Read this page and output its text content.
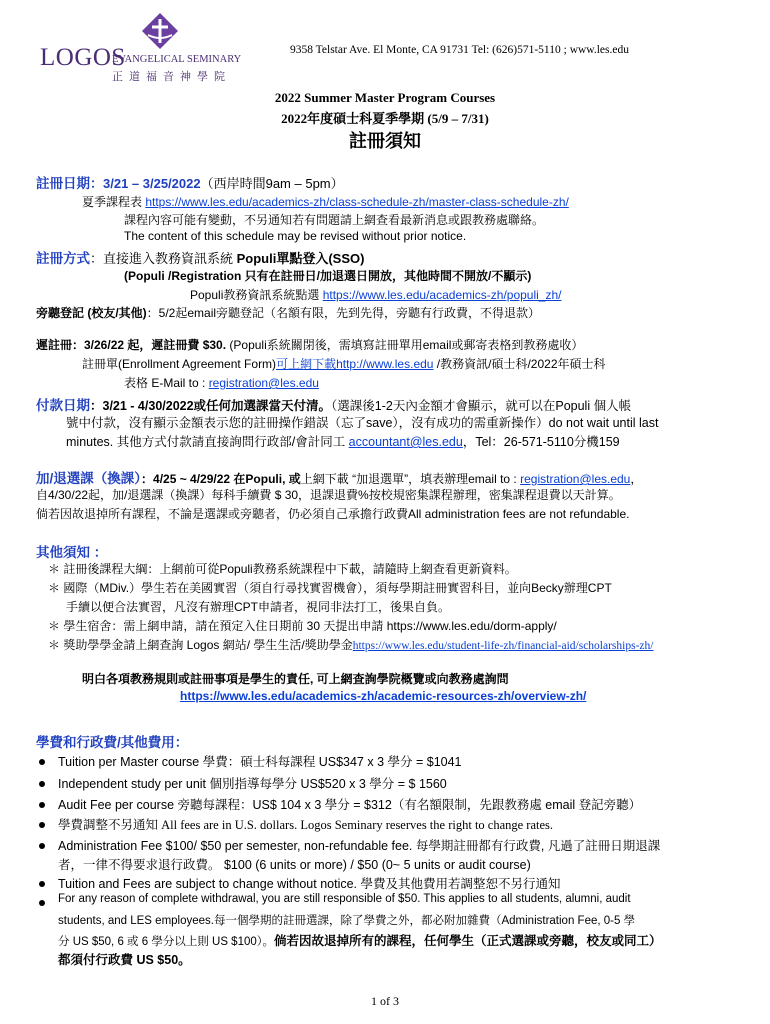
LOGOS
EVANGELICAL SEMINARY
正道福音神學院
9358 Telstar Ave. El Monte, CA 91731 Tel: (626)571-5110 ; www.les.edu
2022 Summer Master Program Courses
2022年度碩士科夏季學期 (5/9 – 7/31)
註冊須知
註冊日期：3/21 – 3/25/2022（西岸時間9am – 5pm）
夏季課程表 https://www.les.edu/academics-zh/class-schedule-zh/master-class-schedule-zh/
課程內容可能有變動，不另通知若有問題請上網查看最新消息或跟教務處聯絡。
The content of this schedule may be revised without prior notice.
註冊方式：直接進入教務資訊系統 Populi單點登入(SSO)
(Populi /Registration 只有在註冊日/加退選日開放，其他時間不開放/不顯示)
Populi教務資訊系統點選 https://www.les.edu/academics-zh/populi_zh/
旁聽登記 (校友/其他)：5/2起email旁聽登記（名額有限，先到先得，旁聽有行政費，不得退款）
遲註冊：3/26/22 起，遲註冊費 $30. (Populi系統關閉後，需填寫註冊單用email或郵寄表格到教務處收）
註冊單(Enrollment Agreement Form)可上網下載http://www.les.edu /教務資訊/碩士科/2022年碩士科
表格 E-Mail to : registration@les.edu
付款日期：3/21 - 4/30/2022或任何加選課當天付清。（選課後1-2天內金額才會顯示，就可以在Populi 個人帳
號中付款，沒有顯示金額表示您的註冊操作錯誤（忘了save），沒有成功的需重新操作）do not wait until last
minutes. 其他方式付款請直接詢問行政部/會計同工 accountant@les.edu，Tel：26-571-5110分機159
加/退選課（換課）：4/25 ~ 4/29/22 在Populi, 或上網下載 “加退選單”，填表辦理email to : registration@les.edu，
自4/30/22起，加/退選課（換課）每科手續費 $ 30，退課退費%按校規密集課程辦理，密集課程退費以天計算。
倘若因故退掉所有課程，不論是選課或旁聽者，仍必須自己承擔行政費All administration fees are not refundable.
其他須知 ：
＊ 註冊後課程大綱：上網前可從Populi教務系統課程中下載，請隨時上網查看更新資料。
＊ 國際（MDiv.）學生若在美國實習（須自行尋找實習機會），須每學期註冊實習科目，並向Becky辦理CPT
手續以便合法實習，凡沒有辦理CPT申請者，視同非法打工，後果自負。
＊ 學生宿舍：需上網申請，請在預定入住日期前 30 天提出申請 https://www.les.edu/dorm-apply/
＊ 獎助學學金請上網查詢 Logos 網站/ 學生生活/獎助學金https://www.les.edu/student-life-zh/financial-aid/scholarships-zh/
明白各項教務規則或註冊事項是學生的責任, 可上網查詢學院概覽或向教務處詢問
https://www.les.edu/academics-zh/academic-resources-zh/overview-zh/
學費和行政費/其他費用：
Tuition per Master course 學費：碩士科每課程 US$347 x 3 學分 = $1041
Independent study per unit 個別指導每學分 US$520 x 3 學分 = $ 1560
Audit Fee per course 旁聽每課程：US$ 104 x 3 學分 = $312（有名額限制，先跟教務處 email 登記旁聽）
學費調整不另通知 All fees are in U.S. dollars. Logos Seminary reserves the right to change rates.
Administration Fee $100/ $50 per semester, non-refundable fee. 每學期註冊都有行政費, 凡過了註冊日期退課
者，一律不得要求退行政費。 $100 (6 units or more) / $50 (0~ 5 units or audit course)
Tuition and Fees are subject to change without notice. 學費及其他費用若調整恕不另行通知
For any reason of complete withdrawal, you are still responsible of $50. This applies to all students, alumni, audit
students, and LES employees.每一個學期的註冊選課，除了學費之外，都必附加雜費（Administration Fee, 0-5 學
分 US $50, 6 或 6 學分以上則 US $100）。倘若因故退掉所有的課程，任何學生（正式選課或旁聽，校友或同工）
都須付行政費 US $50。
1 of 3
